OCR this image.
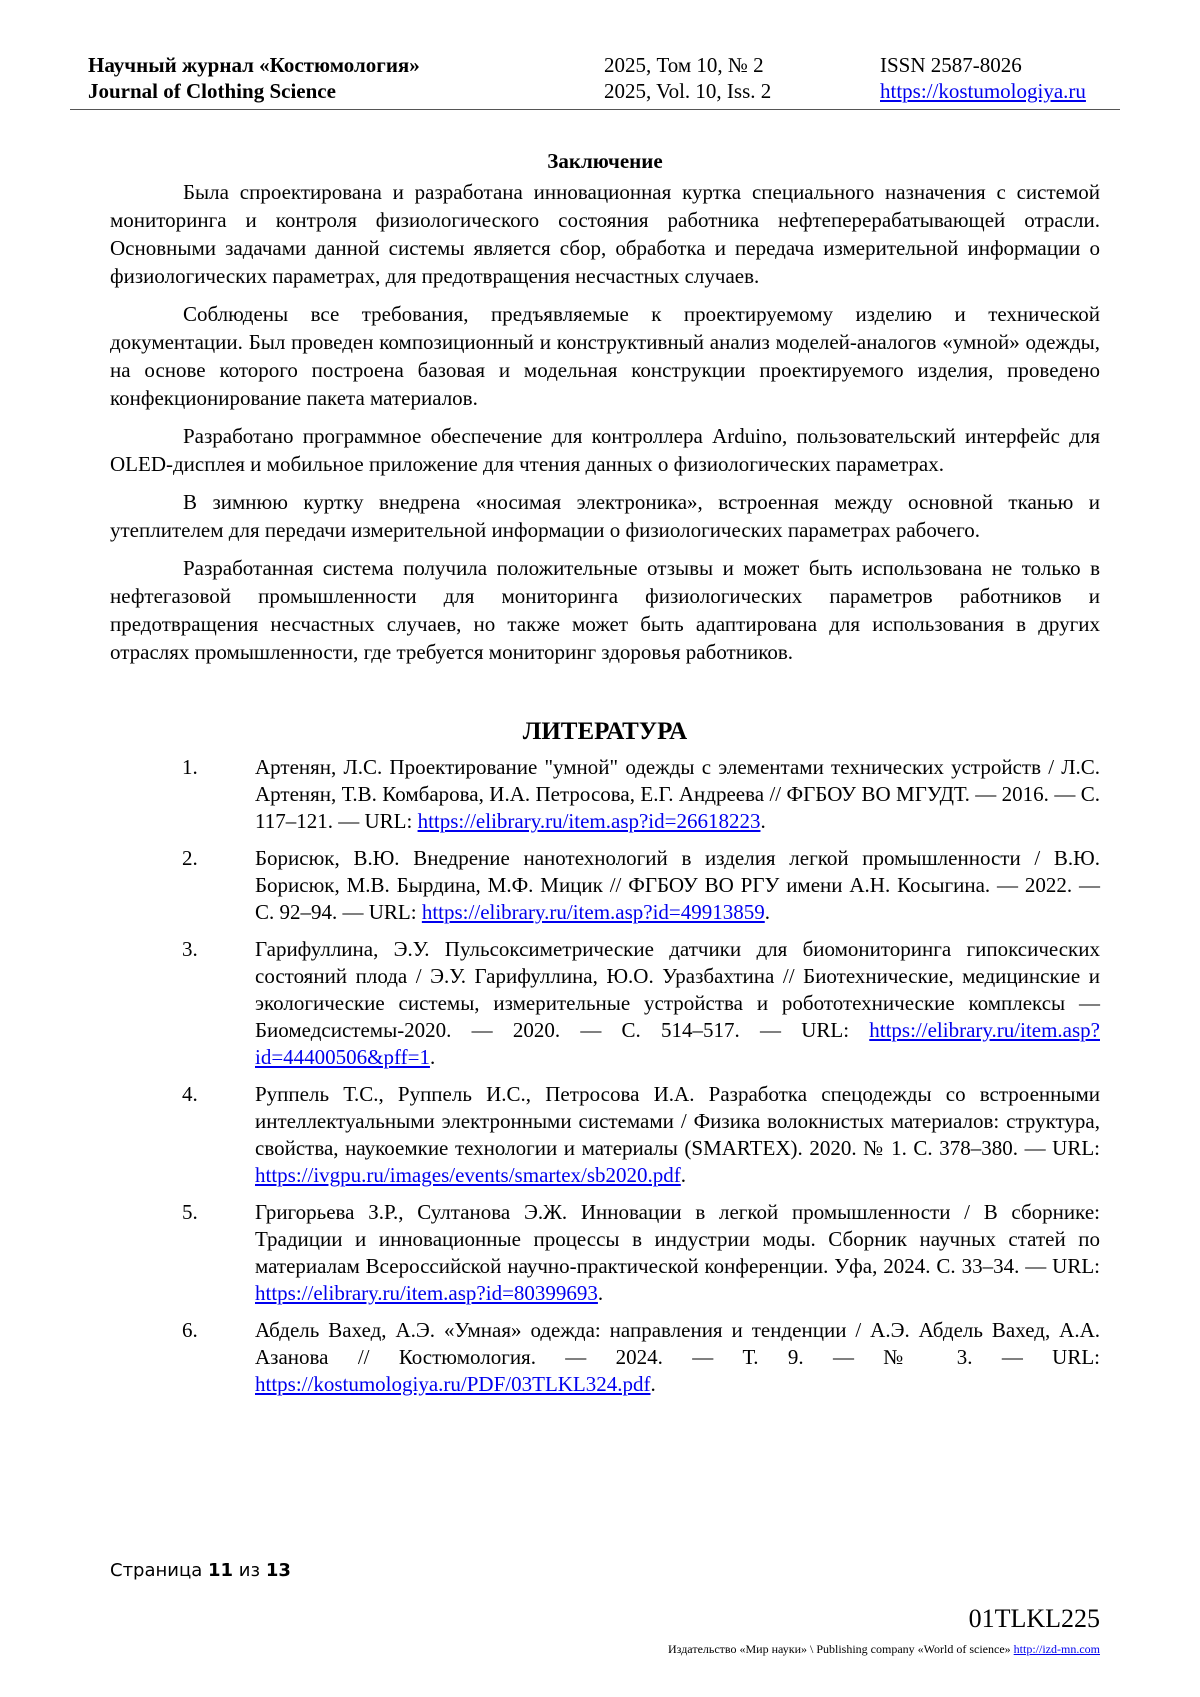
Научный журнал «Костюмология»	2025, Том 10, № 2	ISSN 2587-8026
Journal of Clothing Science	2025, Vol. 10, Iss. 2	https://kostumologiya.ru
Заключение

Была спроектирована и разработана инновационная куртка специального назначения с системой мониторинга и контроля физиологического состояния работника нефтеперерабатывающей отрасли. Основными задачами данной системы является сбор, обработка и передача измерительной информации о физиологических параметрах, для предотвращения несчастных случаев.

Соблюдены все требования, предъявляемые к проектируемому изделию и технической документации. Был проведен композиционный и конструктивный анализ моделей-аналогов «умной» одежды, на основе которого построена базовая и модельная конструкции проектируемого изделия, проведено конфекционирование пакета материалов.

Разработано программное обеспечение для контроллера Arduino, пользовательский интерфейс для OLED-дисплея и мобильное приложение для чтения данных о физиологических параметрах.

В зимнюю куртку внедрена «носимая электроника», встроенная между основной тканью и утеплителем для передачи измерительной информации о физиологических параметрах рабочего.

Разработанная система получила положительные отзывы и может быть использована не только в нефтегазовой промышленности для мониторинга физиологических параметров работников и предотвращения несчастных случаев, но также может быть адаптирована для использования в других отраслях промышленности, где требуется мониторинг здоровья работников.

ЛИТЕРАТУРА
1.	Артенян, Л.С. Проектирование "умной" одежды с элементами технических устройств / Л.С. Артенян, Т.В. Комбарова, И.А. Петросова, Е.Г. Андреева // ФГБОУ ВО МГУДТ. — 2016. — С. 117–121. — URL: https://elibrary.ru/item.asp?id=26618223.
2.	Борисюк, В.Ю. Внедрение нанотехнологий в изделия легкой промышленности / В.Ю. Борисюк, М.В. Бырдина, М.Ф. Мицик // ФГБОУ ВО РГУ имени А.Н. Косыгина. — 2022. — С. 92–94. — URL: https://elibrary.ru/item.asp?id=49913859.
3.	Гарифуллина, Э.У. Пульсоксиметрические датчики для биомониторинга гипоксических состояний плода / Э.У. Гарифуллина, Ю.О. Уразбахтина // Биотехнические, медицинские и экологические системы, измерительные устройства и робототехнические комплексы — Биомедсистемы-2020. — 2020. — С. 514–517. — URL: https://elibrary.ru/item.asp?id=44400506&pff=1.
4.	Руппель Т.С., Руппель И.С., Петросова И.А. Разработка спецодежды со встроенными интеллектуальными электронными системами / Физика волокнистых материалов: структура, свойства, наукоемкие технологии и материалы (SMARTEX). 2020. № 1. С. 378–380. — URL: https://ivgpu.ru/images/events/smartex/sb2020.pdf.
5.	Григорьева З.Р., Султанова Э.Ж. Инновации в легкой промышленности / В сборнике: Традиции и инновационные процессы в индустрии моды. Сборник научных статей по материалам Всероссийской научно-практической конференции. Уфа, 2024. С. 33–34. — URL: https://elibrary.ru/item.asp?id=80399693.
6.	Абдель Вахед, А.Э. «Умная» одежда: направления и тенденции / А.Э. Абдель Вахед, А.А. Азанова // Костюмология. — 2024. — Т. 9. — № 3. — URL: https://kostumologiya.ru/PDF/03TLKL324.pdf.
Страница 11 из 13
01TLKL225
Издательство «Мир науки» \ Publishing company «World of science» http://izd-mn.com
